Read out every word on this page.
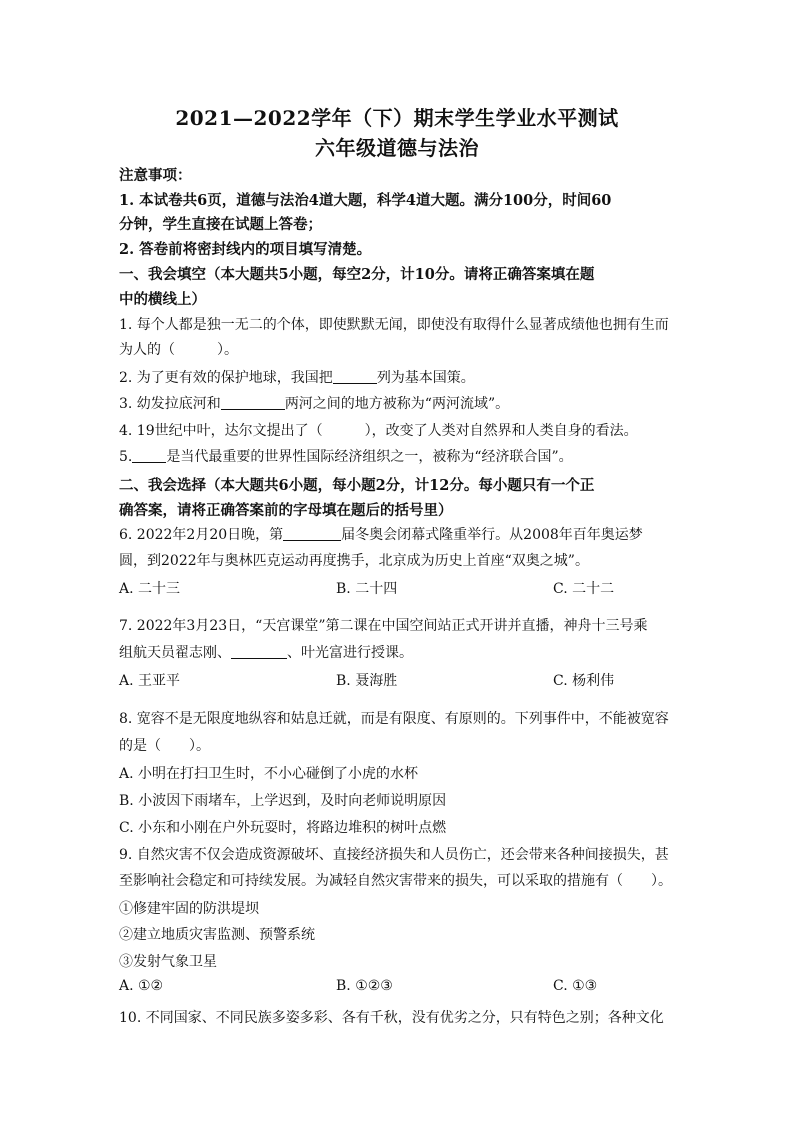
2021—2022学年（下）期末学生学业水平测试
六年级道德与法治
注意事项：
1. 本试卷共6页，道德与法治4道大题，科学4道大题。满分100分，时间60
分钟，学生直接在试题上答卷；
2. 答卷前将密封线内的项目填写清楚。
一、我会填空（本大题共5小题，每空2分，计10分。请将正确答案填在题
中的横线上）
1. 每个人都是独一无二的个体，即使默默无闻，即使没有取得什么显著成绩他也拥有生而
为人的（　　　）。
2. 为了更有效的保护地球，我国把	列为基本国策。
3. 幼发拉底河和	两河之间的地方被称为“两河流域”。
4. 19世纪中叶，达尔文提出了（　　　），改变了人类对自然界和人类自身的看法。
5. 是当代最重要的世界性国际经济组织之一，被称为“经济联合国”。
二、我会选择（本大题共6小题，每小题2分，计12分。每小题只有一个正
确答案，请将正确答案前的字母填在题后的括号里）
6. 2022年2月20日晚，第	届冬奥会闭幕式隆重举行。从2008年百年奥运梦
圆，到2022年与奥林匹克运动再度携手，北京成为历史上首座“双奥之城”。
A. 二十三	B. 二十四	C. 二十二
7. 2022年3月23日，“天宫课堂”第二课在中国空间站正式开讲并直播，神舟十三号乘
组航天员翟志刚、	、叶光富进行授课。
A. 王亚平	B. 聂海胜	C. 杨利伟
8. 宽容不是无限度地纵容和姑息迁就，而是有限度、有原则的。下列事件中，不能被宽容
的是（　　）。
A. 小明在打扫卫生时，不小心碰倒了小虎的水杯
B. 小波因下雨堵车，上学迟到，及时向老师说明原因
C. 小东和小刚在户外玩耍时，将路边堆积的树叶点燃
9. 自然灾害不仅会造成资源破坏、直接经济损失和人员伤亡，还会带来各种间接损失，甚
至影响社会稳定和可持续发展。为减轻自然灾害带来的损失，可以采取的措施有（　　）。
①修建牢固的防洪堤坝
②建立地质灾害监测、预警系统
③发射气象卫星
A. ①②	B. ①②③	C. ①③
10. 不同国家、不同民族多姿多彩、各有千秋，没有优劣之分，只有特色之别；各种文化
